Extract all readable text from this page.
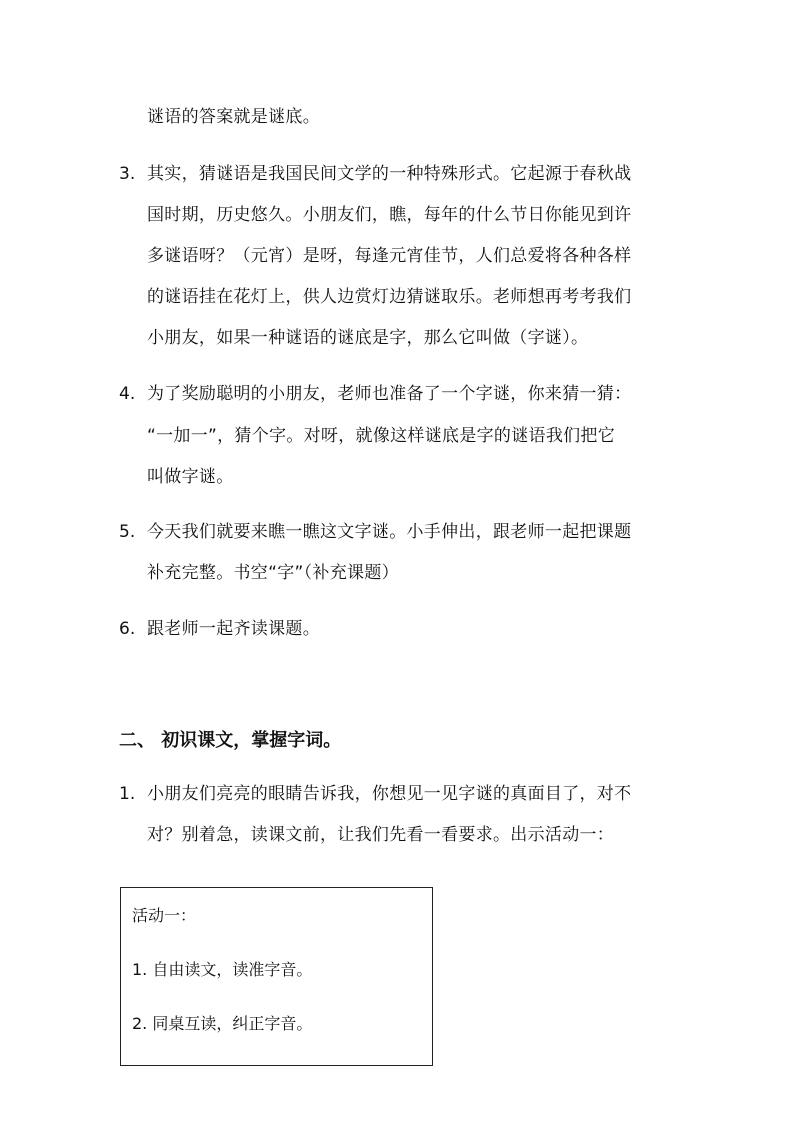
谜语的答案就是谜底。
3. 其实，猜谜语是我国民间文学的一种特殊形式。它起源于春秋战
国时期，历史悠久。小朋友们，瞧，每年的什么节日你能见到许
多谜语呀？（元宵）是呀，每逢元宵佳节，人们总爱将各种各样
的谜语挂在花灯上，供人边赏灯边猜谜取乐。老师想再考考我们
小朋友，如果一种谜语的谜底是字，那么它叫做（字谜）。
4. 为了奖励聪明的小朋友，老师也准备了一个字谜，你来猜一猜：
“一加一”，猜个字。对呀，就像这样谜底是字的谜语我们把它
叫做字谜。
5. 今天我们就要来瞧一瞧这文字谜。小手伸出，跟老师一起把课题
补充完整。书空“字”（补充课题）
6. 跟老师一起齐读课题。
二、 初识课文，掌握字词。
1. 小朋友们亮亮的眼睛告诉我，你想见一见字谜的真面目了，对不
对？别着急，读课文前，让我们先看一看要求。出示活动一：
活动一：
1. 自由读文，读准字音。
2. 同桌互读，纠正字音。
